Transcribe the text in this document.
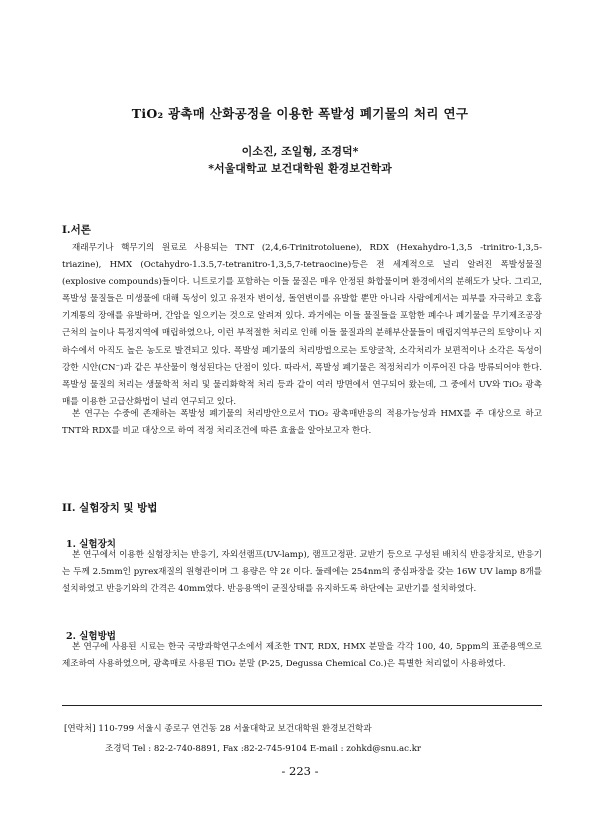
TiO₂ 광촉매 산화공정을 이용한 폭발성 폐기물의 처리 연구
이소진, 조일형, 조경덕*
*서울대학교 보건대학원 환경보건학과
I.서론
재래무기나 핵무기의 원료로 사용되는 TNT (2,4,6-Trinitrotoluene), RDX (Hexahydro-1,3,5 -trinitro-1,3,5-triazine), HMX (Octahydro-1.3.5,7-tetranitro-1,3,5,7-tetraocine)등은 전 세계적으로 널리 알려진 폭발성물질(explosive compounds)들이다. 니트로기를 포함하는 이들 물질은 매우 안정된 화합물이며 환경에서의 분해도가 낮다. 그리고, 폭발성 물질들은 미생물에 대해 독성이 있고 유전자 변이성, 돌연변이를 유발할 뿐만 아니라 사람에게서는 피부를 자극하고 호흡기계통의 장애를 유발하며, 간암을 일으키는 것으로 알려져 있다. 과거에는 이들 물질들을 포함한 폐수나 폐기물을 무기제조공장 근처의 늪이나 특정지역에 매립하였으나, 이런 부적절한 처리로 인해 이들 물질과의 분해부산물들이 매립지역부근의 토양이나 지하수에서 아직도 높은 농도로 발견되고 있다. 폭발성 폐기물의 처리방법으로는 토양굴착, 소각처리가 보편적이나 소각은 독성이 강한 시안(CN⁻)과 같은 부산물이 형성된다는 단점이 있다. 따라서, 폭발성 폐기물은 적정처리가 이루어진 다음 방류되어야 한다. 폭발성 물질의 처리는 생물학적 처리 및 물리화학적 처리 등과 같이 여러 방면에서 연구되어 왔는데, 그 중에서 UV와 TiO₂ 광촉매를 이용한 고급산화법이 널리 연구되고 있다.
본 연구는 수중에 존재하는 폭발성 폐기물의 처리방안으로서 TiO₂ 광촉매반응의 적용가능성과 HMX를 주 대상으로 하고 TNT와 RDX를 비교 대상으로 하여 적정 처리조건에 따른 효율을 알아보고자 한다.
II. 실험장치 및 방법
1. 실험장치
본 연구에서 이용한 실험장치는 반응기, 자외선램프(UV-lamp), 램프고정판. 교반기 등으로 구성된 배치식 반응장치로, 반응기는 두께 2.5mm인 pyrex재질의 원형관이며 그 용량은 약 2ℓ 이다. 둘레에는 254nm의 중심파장을 갖는 16W UV lamp 8개를 설치하였고 반응기와의 간격은 40mm였다. 반응용액이 균질상태를 유지하도록 하단에는 교반기를 설치하였다.
2. 실험방법
본 연구에 사용된 시료는 한국 국방과학연구소에서 제조한 TNT, RDX, HMX 분말을 각각 100, 40, 5ppm의 표준용액으로 제조하여 사용하였으며, 광촉매로 사용된 TiO₂ 분말 (P-25, Degussa Chemical Co.)은 특별한 처리없이 사용하였다.
[연락처] 110-799 서울시 종로구 연건동 28 서울대학교 보건대학원 환경보건학과
조경덕 Tel : 82-2-740-8891, Fax :82-2-745-9104 E-mail : zohkd@snu.ac.kr
- 223 -
